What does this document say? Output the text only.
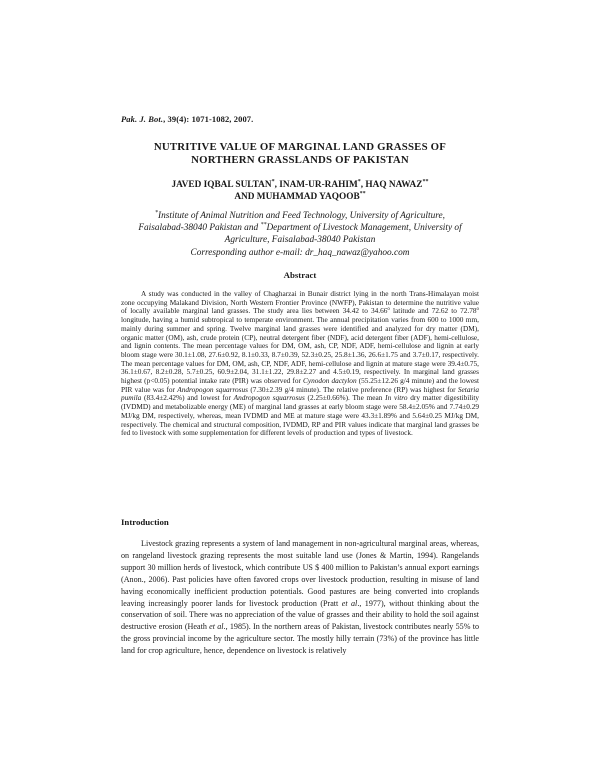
Pak. J. Bot., 39(4): 1071-1082, 2007.
NUTRITIVE VALUE OF MARGINAL LAND GRASSES OF NORTHERN GRASSLANDS OF PAKISTAN
JAVED IQBAL SULTAN*, INAM-UR-RAHIM*, HAQ NAWAZ**
AND MUHAMMAD YAQOOB**
*Institute of Animal Nutrition and Feed Technology, University of Agriculture,
Faisalabad-38040 Pakistan and **Department of Livestock Management, University of
Agriculture, Faisalabad-38040 Pakistan
Corresponding author e-mail: dr_haq_nawaz@yahoo.com
Abstract
A study was conducted in the valley of Chagharzai in Bunair district lying in the north Trans-Himalayan moist zone occupying Malakand Division, North Western Frontier Province (NWFP), Pakistan to determine the nutritive value of locally available marginal land grasses. The study area lies between 34.42 to 34.66$^o$ latitude and 72.62 to 72.78$^o$ longitude, having a humid subtropical to temperate environment. The annual precipitation varies from 600 to 1000 mm, mainly during summer and spring. Twelve marginal land grasses were identified and analyzed for dry matter (DM), organic matter (OM), ash, crude protein (CP), neutral detergent fiber (NDF), acid detergent fiber (ADF), hemi-cellulose, and lignin contents. The mean percentage values for DM, OM, ash, CP, NDF, ADF, hemi-cellulose and lignin at early bloom stage were 30.1±1.08, 27.6±0.92, 8.1±0.33, 8.7±0.39, 52.3±0.25, 25.8±1.36, 26.6±1.75 and 3.7±0.17, respectively. The mean percentage values for DM, OM, ash, CP, NDF, ADF, hemi-cellulose and lignin at mature stage were 39.4±0.75, 36.1±0.67, 8.2±0.28, 5.7±0.25, 60.9±2.04, 31.1±1.22, 29.8±2.27 and 4.5±0.19, respectively. In marginal land grasses highest (p<0.05) potential intake rate (PIR) was observed for Cynodon dactylon (55.25±12.26 g/4 minute) and the lowest PIR value was for Andropogon squarrosus (7.30±2.39 g/4 minute). The relative preference (RP) was highest for Setaria pumila (83.4±2.42%) and lowest for Andropogon squarrosus (2.25±0.66%). The mean In vitro dry matter digestibility (IVDMD) and metabolizable energy (ME) of marginal land grasses at early bloom stage were 58.4±2.05% and 7.74±0.29 MJ/kg DM, respectively, whereas, mean IVDMD and ME at mature stage were 43.3±1.89% and 5.64±0.25 MJ/kg DM, respectively. The chemical and structural composition, IVDMD, RP and PIR values indicate that marginal land grasses be fed to livestock with some supplementation for different levels of production and types of livestock.
Introduction
Livestock grazing represents a system of land management in non-agricultural marginal areas, whereas, on rangeland livestock grazing represents the most suitable land use (Jones & Martin, 1994). Rangelands support 30 million herds of livestock, which contribute US $ 400 million to Pakistan’s annual export earnings (Anon., 2006). Past policies have often favored crops over livestock production, resulting in misuse of land having economically inefficient production potentials. Good pastures are being converted into croplands leaving increasingly poorer lands for livestock production (Pratt et al., 1977), without thinking about the conservation of soil. There was no appreciation of the value of grasses and their ability to hold the soil against destructive erosion (Heath et al., 1985). In the northern areas of Pakistan, livestock contributes nearly 55% to the gross provincial income by the agriculture sector. The mostly hilly terrain (73%) of the province has little land for crop agriculture, hence, dependence on livestock is relatively
